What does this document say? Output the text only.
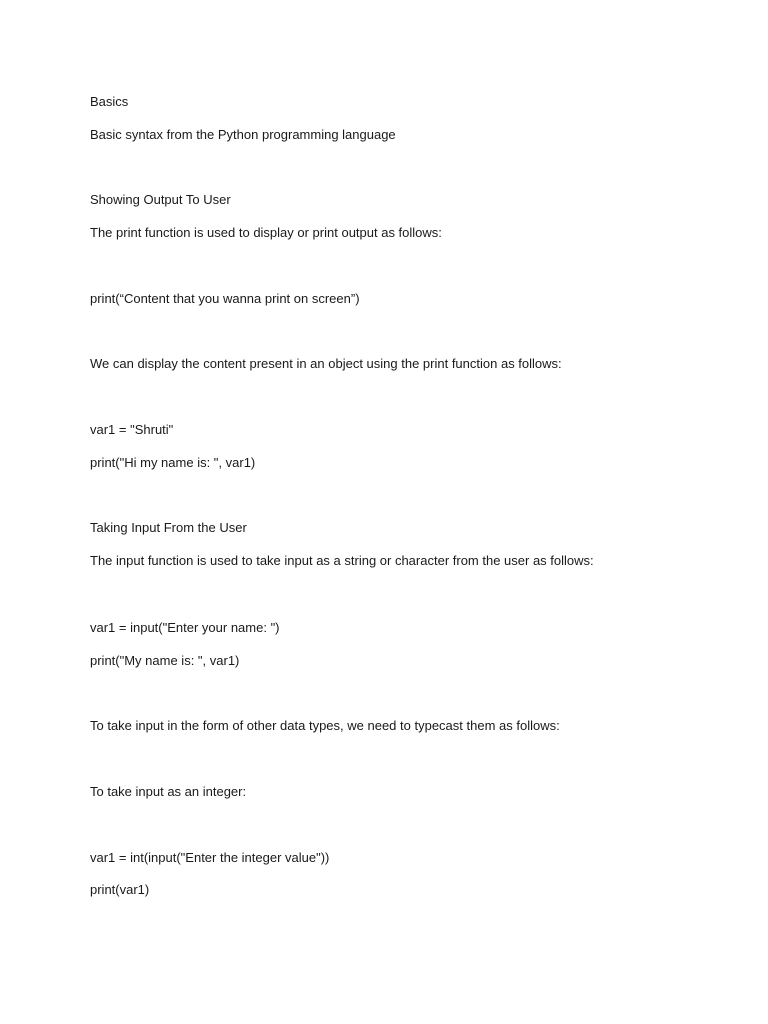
Basics
Basic syntax from the Python programming language
Showing Output To User
The print function is used to display or print output as follows:
print(“Content that you wanna print on screen”)
We can display the content present in an object using the print function as follows:
var1 = "Shruti"
print("Hi my name is: ", var1)
Taking Input From the User
The input function is used to take input as a string or character from the user as follows:
var1 = input("Enter your name: ")
print("My name is: ", var1)
To take input in the form of other data types, we need to typecast them as follows:
To take input as an integer:
var1 = int(input("Enter the integer value"))
print(var1)
